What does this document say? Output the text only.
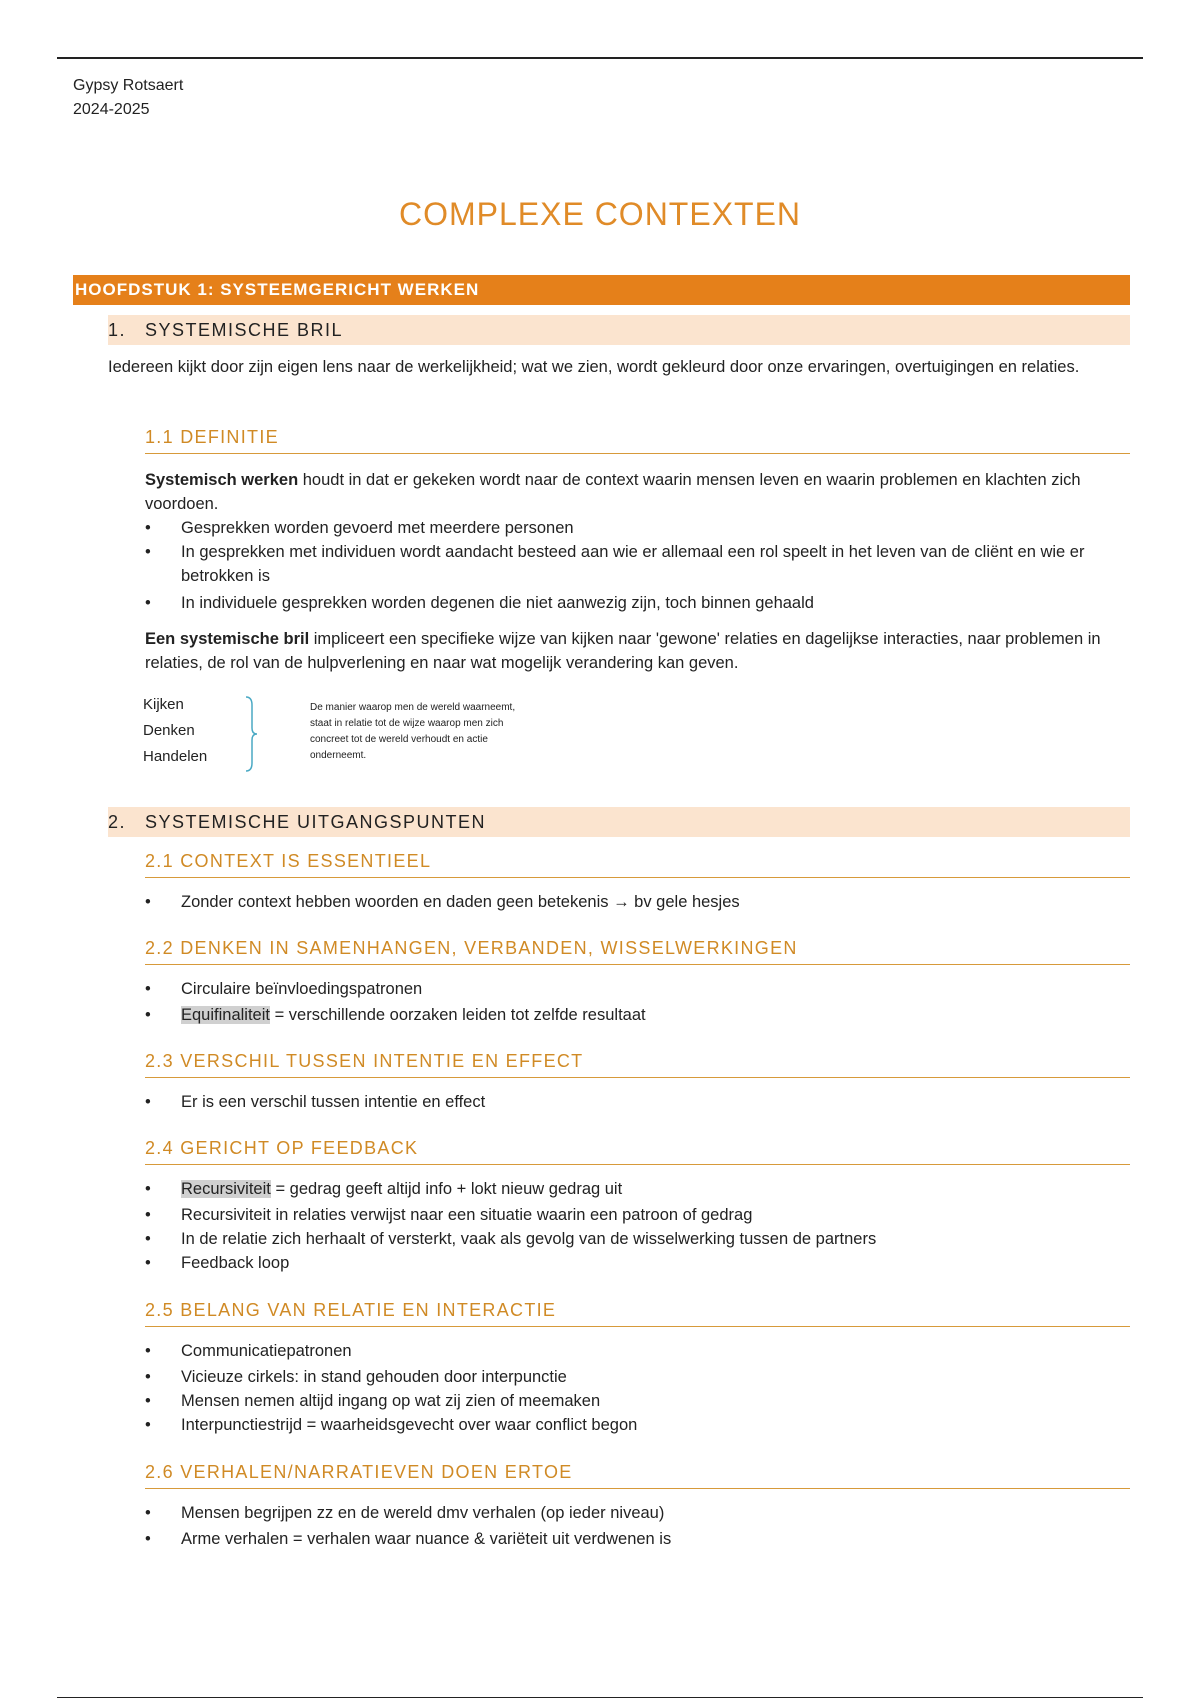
Gypsy Rotsaert
2024-2025
COMPLEXE CONTEXTEN
HOOFDSTUK 1: SYSTEEMGERICHT WERKEN
1. SYSTEMISCHE BRIL
Iedereen kijkt door zijn eigen lens naar de werkelijkheid; wat we zien, wordt gekleurd door onze ervaringen, overtuigingen en relaties.
1.1 DEFINITIE
Systemisch werken houdt in dat er gekeken wordt naar de context waarin mensen leven en waarin problemen en klachten zich voordoen.
• Gesprekken worden gevoerd met meerdere personen
• In gesprekken met individuen wordt aandacht besteed aan wie er allemaal een rol speelt in het leven van de cliënt en wie er betrokken is
• In individuele gesprekken worden degenen die niet aanwezig zijn, toch binnen gehaald
Een systemische bril impliceert een specifieke wijze van kijken naar 'gewone' relaties en dagelijkse interacties, naar problemen in relaties, de rol van de hulpverlening en naar wat mogelijk verandering kan geven.
Kijken
Denken
Handelen
De manier waarop men de wereld waarneemt, staat in relatie tot de wijze waarop men zich concreet tot de wereld verhoudt en actie onderneemt.
2. SYSTEMISCHE UITGANGSPUNTEN
2.1 CONTEXT IS ESSENTIEEL
• Zonder context hebben woorden en daden geen betekenis → bv gele hesjes
2.2 DENKEN IN SAMENHANGEN, VERBANDEN, WISSELWERKINGEN
• Circulaire beïnvloedingspatronen
• Equifinaliteit = verschillende oorzaken leiden tot zelfde resultaat
2.3 VERSCHIL TUSSEN INTENTIE EN EFFECT
• Er is een verschil tussen intentie en effect
2.4 GERICHT OP FEEDBACK
• Recursiviteit = gedrag geeft altijd info + lokt nieuw gedrag uit
• Recursiviteit in relaties verwijst naar een situatie waarin een patroon of gedrag
• In de relatie zich herhaalt of versterkt, vaak als gevolg van de wisselwerking tussen de partners
• Feedback loop
2.5 BELANG VAN RELATIE EN INTERACTIE
• Communicatiepatronen
• Vicieuze cirkels: in stand gehouden door interpunctie
• Mensen nemen altijd ingang op wat zij zien of meemaken
• Interpunctiestrijd = waarheidsgevecht over waar conflict begon
2.6 VERHALEN/NARRATIEVEN DOEN ERTOE
• Mensen begrijpen zz en de wereld dmv verhalen (op ieder niveau)
• Arme verhalen = verhalen waar nuance & variëteit uit verdwenen is
